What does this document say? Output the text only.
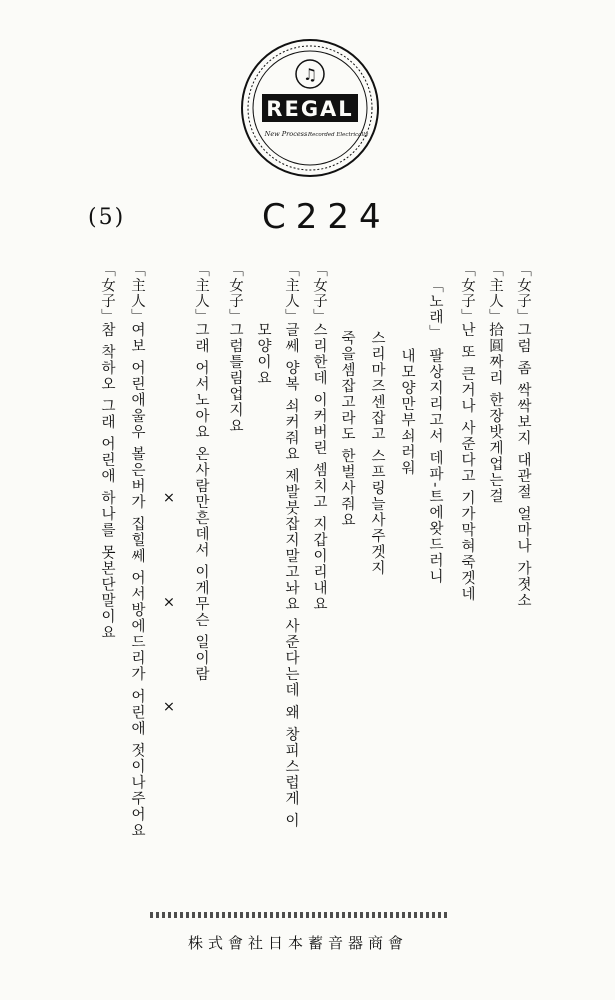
♫
REGAL
New Process Recorded Electrically
(5)	C224
「女子」
그럼 좀 싹싹보지 대관절 얼마나 가졋소
「主人」
拾圓짜리 한장밧게업는걸
「女子」
난 또 큰거나 사준다고 기가막혀죽겟네
「노래」
팔상지리고서 데파-트에왓드러니
내모양만부쇠러워
스리마즈센잡고 스프링늘사주겟지
죽을셈잡고라도 한벌사줘요
「女子」
스리한데 이커버린 셈치고 지갑이리내요
「主人」
글쎄 양복 쇠커줘요 제발붓잡지말고놔요 사준다는데 왜 창피스럽게 이
모양이요
「女子」
그럼틀림업지요
「主人」
그래 어서노아요 온사람만흔데서 이게무슨 일이람
× × ×
「主人」
여보 어린애울우 볼은버가 집힐쎄 어서방에드리가 어린애 젓이나주어요
「女子」
참 착하오 그래 어린애 하나를 못본단말이요
株式會社日本蓄音器商會
